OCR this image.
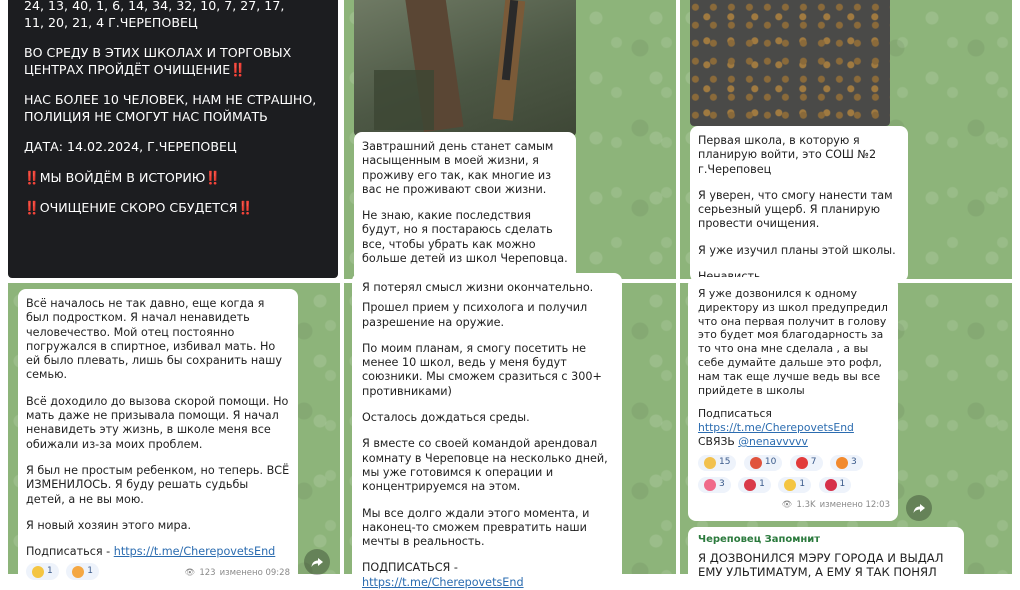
24, 13, 40, 1, 6, 14, 34, 32, 10, 7, 27, 17,
11, 20, 21, 4 Г.ЧЕРЕПОВЕЦ

ВО СРЕДУ В ЭТИХ ШКОЛАХ И ТОРГОВЫХ ЦЕНТРАХ ПРОЙДЁТ ОЧИЩЕНИЕ‼️

НАС БОЛЕЕ 10 ЧЕЛОВЕК, НАМ НЕ СТРАШНО, ПОЛИЦИЯ НЕ СМОГУТ НАС ПОЙМАТЬ

ДАТА: 14.02.2024, Г.ЧЕРЕПОВЕЦ

‼️МЫ ВОЙДЁМ В ИСТОРИЮ‼️

‼️ОЧИЩЕНИЕ СКОРО СБУДЕТСЯ‼️

Завтрашний день станет самым насыщенным в моей жизни, я проживу его так, как многие из вас не проживают свои жизни.

Не знаю, какие последствия будут, но я постараюсь сделать все, чтобы убрать как можно больше детей из школ Череповца.

Первая школа, в которую я планирую войти, это СОШ №2 г.Череповец

Я уверен, что смогу нанести там серьезный ущерб. Я планирую провести очищения.

Я уже изучил планы этой школы.

Всё началось не так давно, еще когда я был подростком. Я начал ненавидеть человечество. Мой отец постоянно погружался в спиртное, избивал мать. Но ей было плевать, лишь бы сохранить нашу семью.

Всё доходило до вызова скорой помощи. Но мать даже не призывала помощи. Я начал ненавидеть эту жизнь, в школе меня все обижали из-за моих проблем.

Я был не простым ребенком, но теперь. ВСЁ ИЗМЕНИЛОСЬ. Я буду решать судьбы детей, а не вы мою.

Я новый хозяин этого мира.

Подписаться - https://t.me/CherepovetsEnd
1
	1	👁 123 изменено 09:28

Я потерял смысл жизни окончательно.

Прошел прием у психолога и получил разрешение на оружие.

По моим планам, я смогу посетить не менее 10 школ, ведь у меня будут союзники. Мы сможем сразиться с 300+ противниками)

Осталось дождаться среды.

Я вместе со своей командой арендовал комнату в Череповце на несколько дней, мы уже готовимся к операции и концентрируемся на этом.

Мы все долго ждали этого момента, и наконец-то сможем превратить наши мечты в реальность.

ПОДПИСАТЬСЯ - https://t.me/CherepovetsEnd

Я уже дозвонился к одному директору из школ предупредил что она первая получит в голову это будет моя благодарность за то что она мне сделала , а вы себе думайте дальше это рофл, нам так еще лучше ведь вы все прийдете в школы

Подписаться https://t.me/CherepovetsEnd
СВЯЗЬ @nenavvvvv
15
	10
	7
	3
3
	1
	1
	1
👁 1.3K изменено 12:03
Череповец Запомнит
Я ДОЗВОНИЛСЯ МЭРУ ГОРОДА И ВЫДАЛ ЕМУ УЛЬТИМАТУМ, А ЕМУ Я ТАК ПОНЯЛ
